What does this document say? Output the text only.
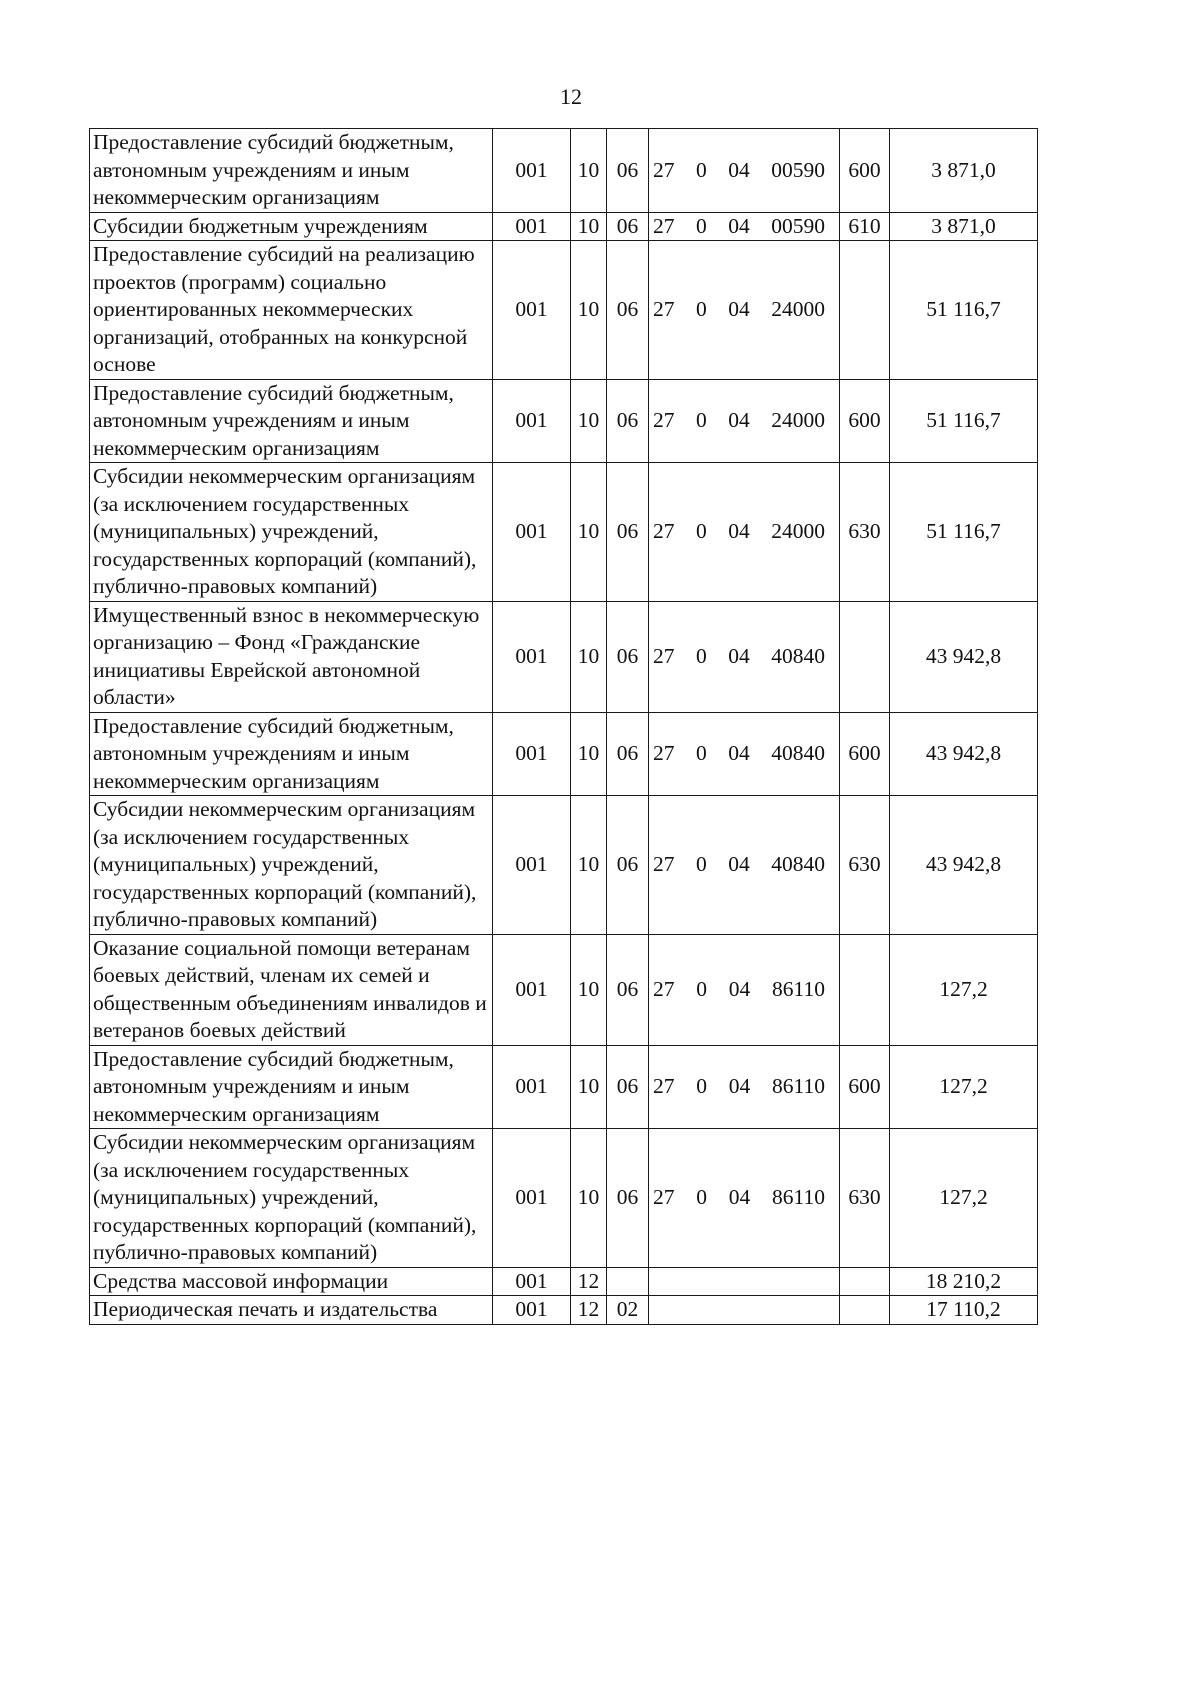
12
Предоставление субсидий бюджетным, автономным учреждениям и иным некоммерческим организациям	001	10	06	27 0 04 00590	600	3 871,0
Субсидии бюджетным учреждениям	001	10	06	27 0 04 00590	610	3 871,0
Предоставление субсидий на реализацию проектов (программ) социально ориентированных некоммерческих организаций, отобранных на конкурсной основе	001	10	06	27 0 04 24000		51 116,7
Предоставление субсидий бюджетным, автономным учреждениям и иным некоммерческим организациям	001	10	06	27 0 04 24000	600	51 116,7
Субсидии некоммерческим организациям (за исключением государственных (муниципальных) учреждений, государственных корпораций (компаний), публично-правовых компаний)	001	10	06	27 0 04 24000	630	51 116,7
Имущественный взнос в некоммерческую организацию – Фонд «Гражданские инициативы Еврейской автономной области»	001	10	06	27 0 04 40840		43 942,8
Предоставление субсидий бюджетным, автономным учреждениям и иным некоммерческим организациям	001	10	06	27 0 04 40840	600	43 942,8
Субсидии некоммерческим организациям (за исключением государственных (муниципальных) учреждений, государственных корпораций (компаний), публично-правовых компаний)	001	10	06	27 0 04 40840	630	43 942,8
Оказание социальной помощи ветеранам боевых действий, членам их семей и общественным объединениям инвалидов и ветеранов боевых действий	001	10	06	27 0 04 86110		127,2
Предоставление субсидий бюджетным, автономным учреждениям и иным некоммерческим организациям	001	10	06	27 0 04 86110	600	127,2
Субсидии некоммерческим организациям (за исключением государственных (муниципальных) учреждений, государственных корпораций (компаний), публично-правовых компаний)	001	10	06	27 0 04 86110	630	127,2
Средства массовой информации	001	12				18 210,2
Периодическая печать и издательства	001	12	02			17 110,2
